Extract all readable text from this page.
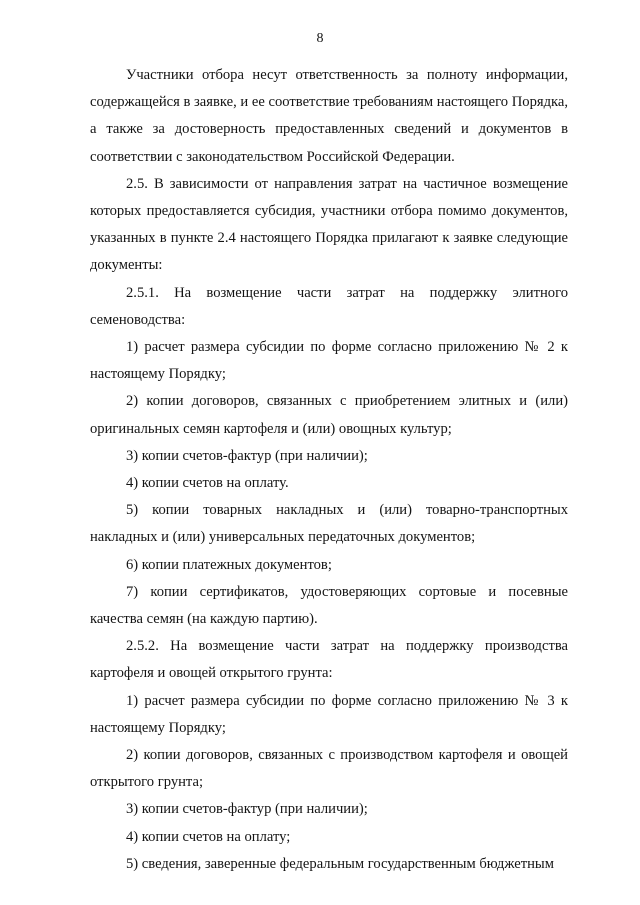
8

Участники отбора несут ответственность за полноту информации, содержащейся в заявке, и ее соответствие требованиям настоящего Порядка, а также за достоверность предоставленных сведений и документов в соответствии с законодательством Российской Федерации.

2.5. В зависимости от направления затрат на частичное возмещение которых предоставляется субсидия, участники отбора помимо документов, указанных в пункте 2.4 настоящего Порядка прилагают к заявке следующие документы:

2.5.1. На возмещение части затрат на поддержку элитного семеноводства:

1) расчет размера субсидии по форме согласно приложению № 2 к настоящему Порядку;

2) копии договоров, связанных с приобретением элитных и (или) оригинальных семян картофеля и (или) овощных культур;

3) копии счетов-фактур (при наличии);

4) копии счетов на оплату.

5) копии товарных накладных и (или) товарно-транспортных накладных и (или) универсальных передаточных документов;

6) копии платежных документов;

7) копии сертификатов, удостоверяющих сортовые и посевные качества семян (на каждую партию).

2.5.2. На возмещение части затрат на поддержку производства картофеля и овощей открытого грунта:

1) расчет размера субсидии по форме согласно приложению № 3 к настоящему Порядку;

2) копии договоров, связанных с производством картофеля и овощей открытого грунта;

3) копии счетов-фактур (при наличии);

4) копии счетов на оплату;

5) сведения, заверенные федеральным государственным бюджетным
